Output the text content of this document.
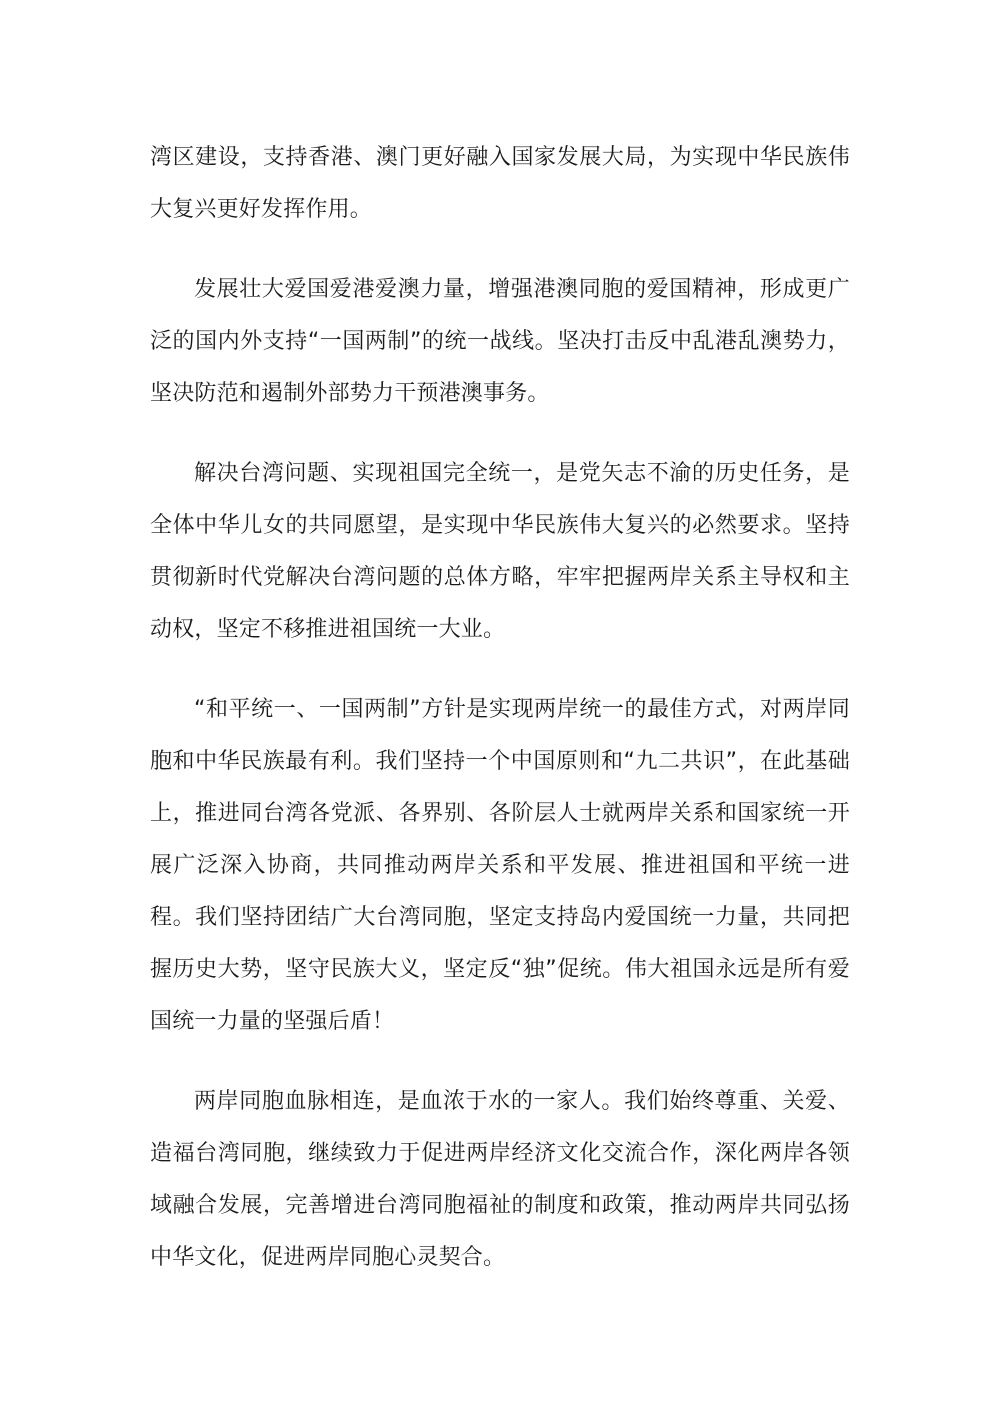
湾区建设，支持香港、澳门更好融入国家发展大局，为实现中华民族伟大复兴更好发挥作用。

发展壮大爱国爱港爱澳力量，增强港澳同胞的爱国精神，形成更广泛的国内外支持“一国两制”的统一战线。坚决打击反中乱港乱澳势力，坚决防范和遏制外部势力干预港澳事务。

解决台湾问题、实现祖国完全统一，是党矢志不渝的历史任务，是全体中华儿女的共同愿望，是实现中华民族伟大复兴的必然要求。坚持贯彻新时代党解决台湾问题的总体方略，牢牢把握两岸关系主导权和主动权，坚定不移推进祖国统一大业。

“和平统一、一国两制”方针是实现两岸统一的最佳方式，对两岸同胞和中华民族最有利。我们坚持一个中国原则和“九二共识”，在此基础上，推进同台湾各党派、各界别、各阶层人士就两岸关系和国家统一开展广泛深入协商，共同推动两岸关系和平发展、推进祖国和平统一进程。我们坚持团结广大台湾同胞，坚定支持岛内爱国统一力量，共同把握历史大势，坚守民族大义，坚定反“独”促统。伟大祖国永远是所有爱国统一力量的坚强后盾！

两岸同胞血脉相连，是血浓于水的一家人。我们始终尊重、关爱、造福台湾同胞，继续致力于促进两岸经济文化交流合作，深化两岸各领域融合发展，完善增进台湾同胞福祉的制度和政策，推动两岸共同弘扬中华文化，促进两岸同胞心灵契合。
